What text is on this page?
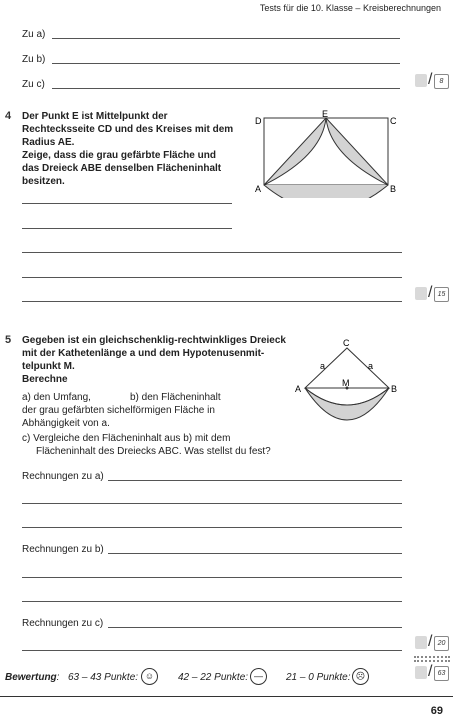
Tests für die 10. Klasse – Kreisberechnungen
Zu a)
Zu b)
Zu c)	/	8
4 Der Punkt E ist Mittelpunkt der
Rechtecksseite CD und des Kreises mit dem
Radius AE.
Zeige, dass die grau gefärbte Fläche und
das Dreieck ABE denselben Flächeninhalt
besitzen.
D
E
C
A	B
/ 15
5 Gegeben ist ein gleichschenklig-rechtwinkliges Dreieck
mit der Kathetenlänge a und dem Hypotenusenmit-
telpunkt M.
Berechne
a) den Umfang,	b) den Flächeninhalt
der grau gefärbten sichelförmigen Fläche in
Abhängigkeit von a.
c) Vergleiche den Flächeninhalt aus b) mit dem
Flächeninhalt des Dreiecks ABC. Was stellst du fest?
C
a	a
M
A	B
Rechnungen zu a)
Rechnungen zu b)
Rechnungen zu c)
/ 20
Bewertung: 63 – 43 Punkte: ☺	42 – 22 Punkte: —	21 – 0 Punkte: ☹	/ 63
69
